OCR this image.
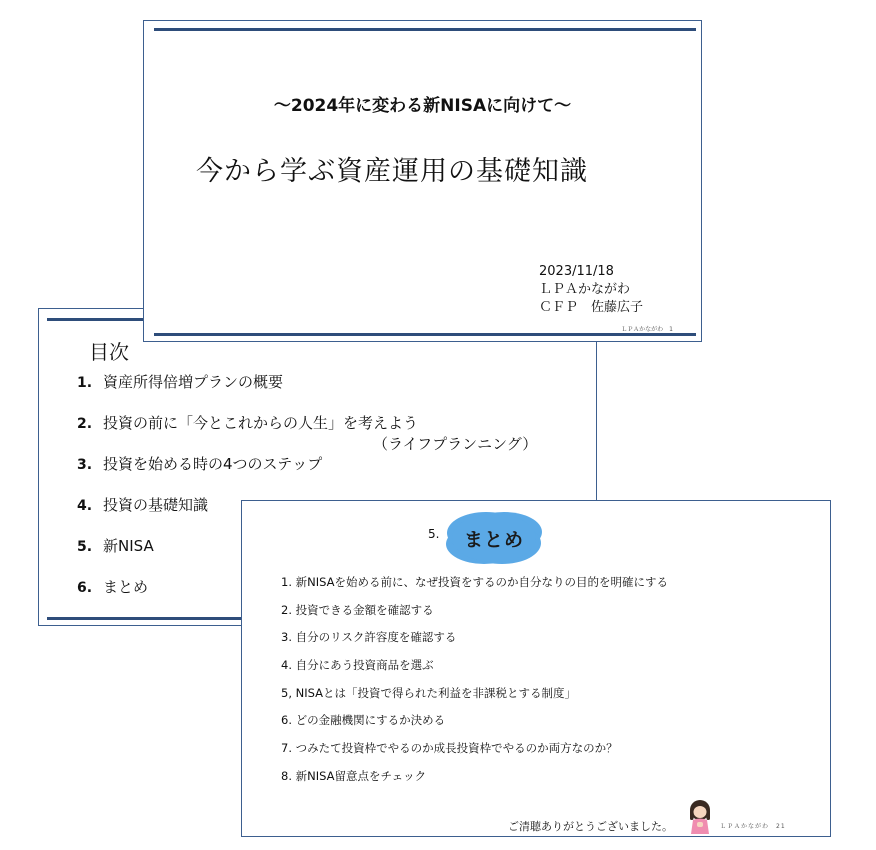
目次
1. 資産所得倍増プランの概要
2. 投資の前に「今とこれからの人生」を考えよう
（ライフプランニング）
3. 投資を始める時の4つのステップ
4. 投資の基礎知識
5. 新NISA
6. まとめ
〜2024年に変わる新NISAに向けて〜
今から学ぶ資産運用の基礎知識
2023/11/18
ＬＰＡかながわ
ＣＦＰ　佐藤広子
ＬＰＡかながわ　1
5. まとめ
1. 新NISAを始める前に、なぜ投資をするのか自分なりの目的を明確にする
2. 投資できる金額を確認する
3. 自分のリスク許容度を確認する
4. 自分にあう投資商品を選ぶ
5, NISAとは「投資で得られた利益を非課税とする制度」
6. どの金融機関にするか決める
7. つみたて投資枠でやるのか成長投資枠でやるのか両方なのか？
8. 新NISA留意点をチェック
ご清聴ありがとうございました。	ＬＰＡかながわ　21
